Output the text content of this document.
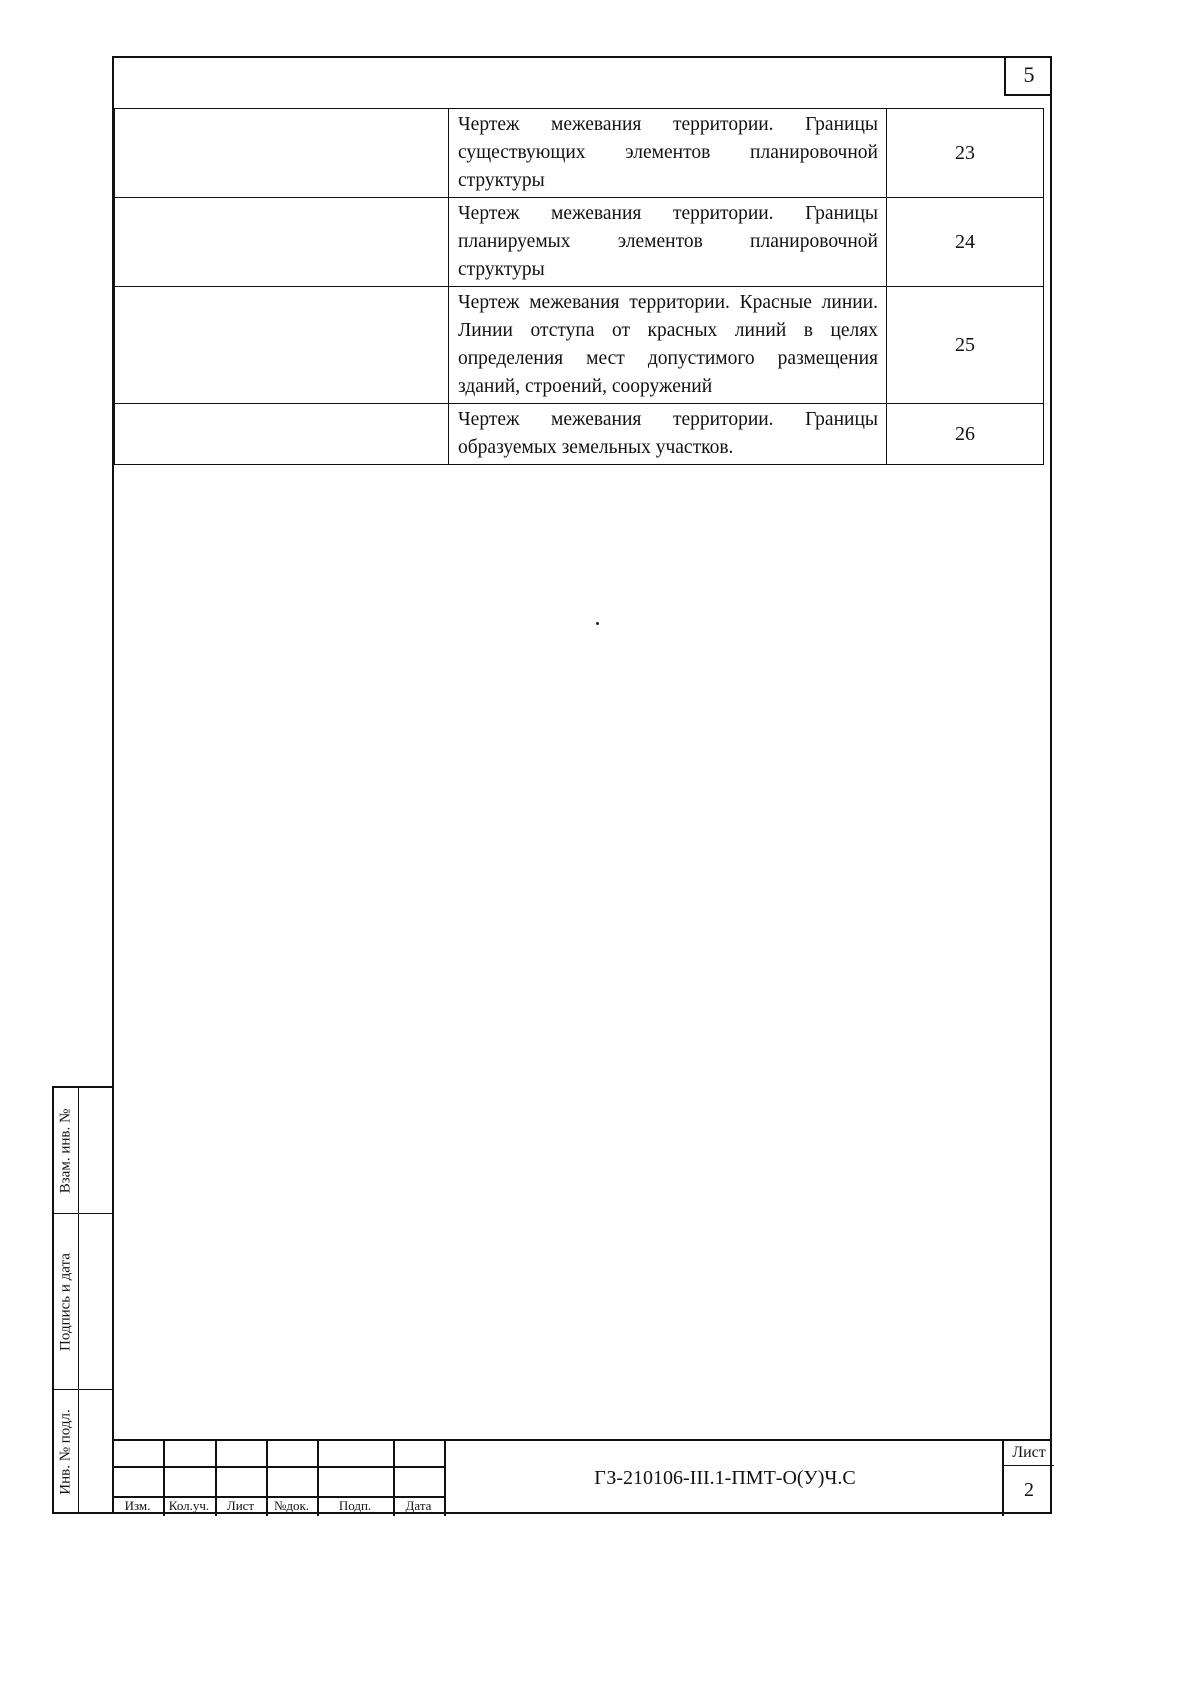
5
	Чертеж межевания территории. Границы существующих элементов планировочной структуры	23
	Чертеж межевания территории. Границы планируемых элементов планировочной структуры	24
	Чертеж межевания территории. Красные линии. Линии отступа от красных линий в целях определения мест допустимого размещения зданий, строений, сооружений	25
	Чертеж межевания территории. Границы образуемых земельных участков.	26
Взам. инв. №
Подпись и дата
Инв. № подл.
Изм.	Кол.уч.	Лист	№док.	Подп.	Дата
ГЗ-210106-III.1-ПМТ-О(У)Ч.С
Лист
2
